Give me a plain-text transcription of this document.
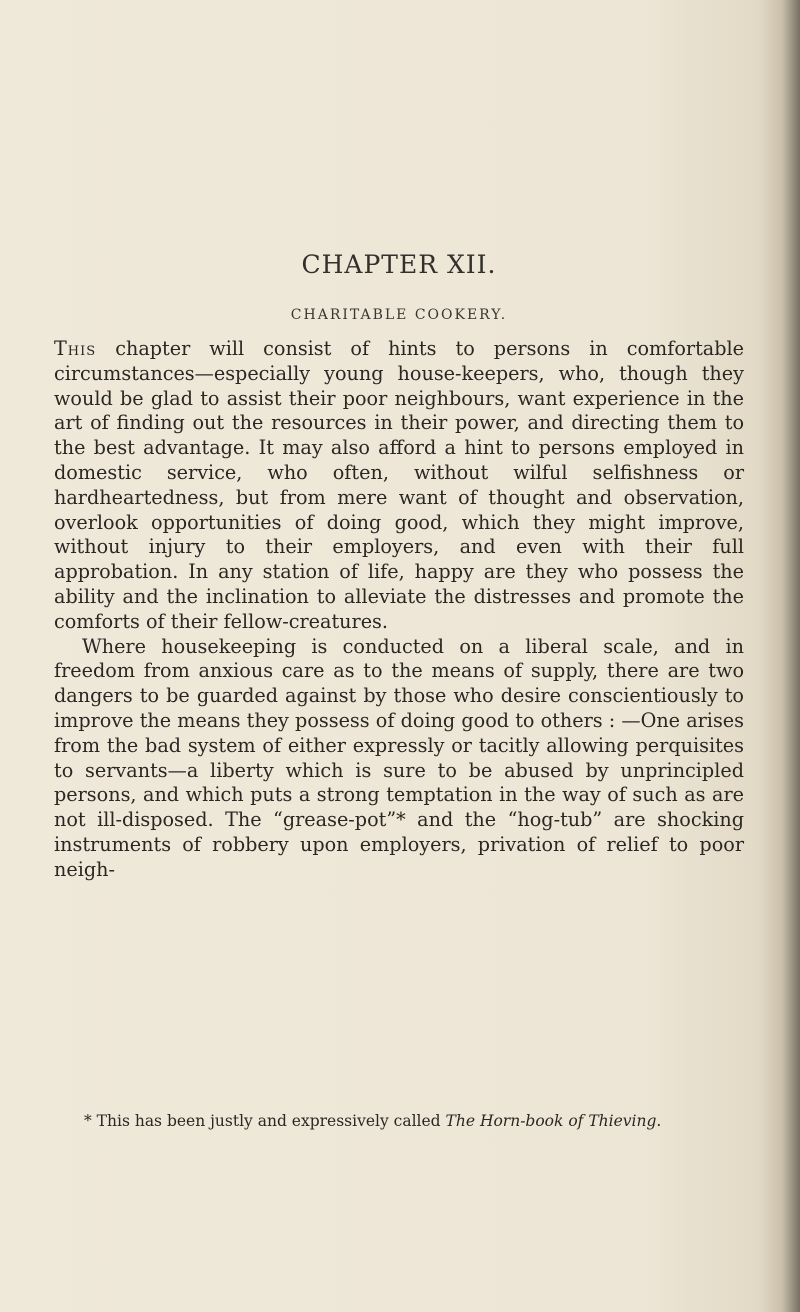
CHAPTER XII.
CHARITABLE COOKERY.

This chapter will consist of hints to persons in comfortable circumstances—especially young house-keepers, who, though they would be glad to assist their poor neighbours, want experience in the art of finding out the resources in their power, and directing them to the best advantage. It may also afford a hint to persons employed in domestic service, who often, without wilful selfishness or hardheartedness, but from mere want of thought and observation, overlook opportunities of doing good, which they might improve, without injury to their employers, and even with their full approbation. In any station of life, happy are they who possess the ability and the inclination to alleviate the distresses and promote the comforts of their fellow-creatures.

Where housekeeping is conducted on a liberal scale, and in freedom from anxious care as to the means of supply, there are two dangers to be guarded against by those who desire conscientiously to improve the means they possess of doing good to others : —One arises from the bad system of either expressly or tacitly allowing perquisites to servants—a liberty which is sure to be abused by unprincipled persons, and which puts a strong temptation in the way of such as are not ill-disposed. The “grease-pot”* and the “hog-tub” are shocking instruments of robbery upon employers, privation of relief to poor neigh-

* This has been justly and expressively called The Horn-book of Thieving.
